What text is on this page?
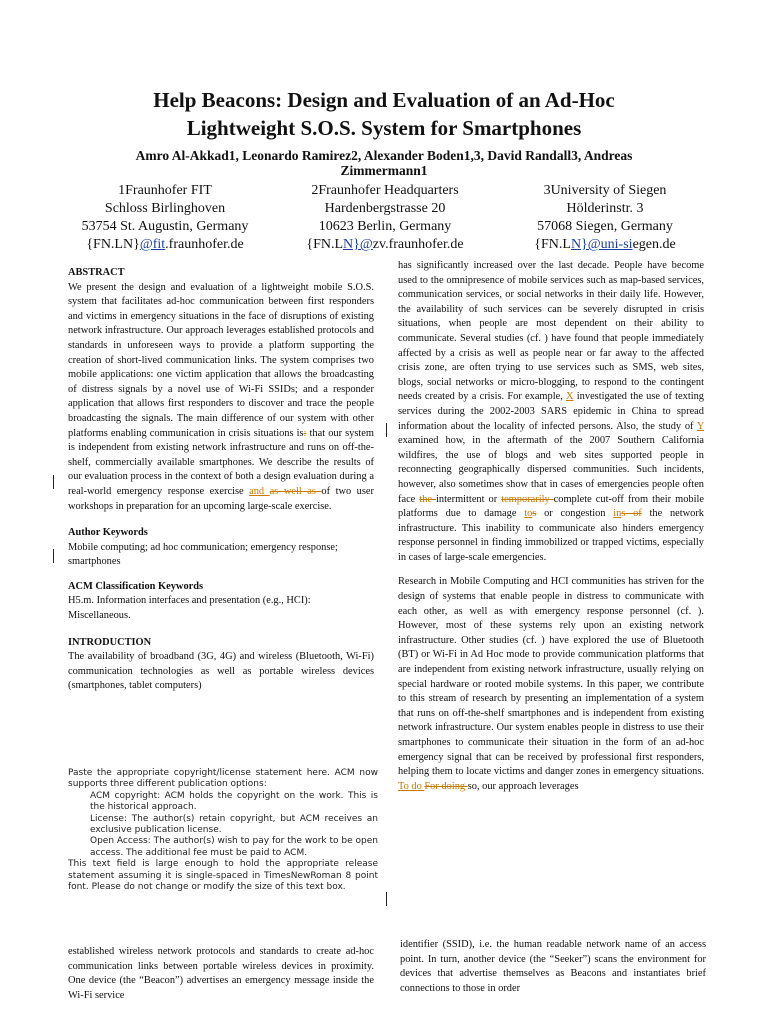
Help Beacons: Design and Evaluation of an Ad-Hoc
Lightweight S.O.S. System for Smartphones
Amro Al-Akkad1, Leonardo Ramirez2, Alexander Boden1,3, David Randall3, Andreas Zimmermann1
1Fraunhofer FIT
Schloss Birlinghoven
53754 St. Augustin, Germany
{FN.LN}@fit.fraunhofer.de
2Fraunhofer Headquarters
Hardenbergstrasse 20
10623 Berlin, Germany
{FN.LN}@zv.fraunhofer.de
3University of Siegen
Hölderinstr. 3
57068 Siegen, Germany
{FN.LN}@uni-siegen.de

ABSTRACT

We present the design and evaluation of a lightweight mobile S.O.S. system that facilitates ad-hoc communication between first responders and victims in emergency situations in the face of disruptions of existing network infrastructure. Our approach leverages established protocols and standards in unforeseen ways to provide a platform supporting the creation of short-lived communication links. The system comprises two mobile applications: one victim application that allows the broadcasting of distress signals by a novel use of Wi-Fi SSIDs; and a responder application that allows first responders to discover and trace the people broadcasting the signals. The main difference of our system with other platforms enabling communication in crisis situations is: that our system is independent from existing network infrastructure and runs on off-the-shelf, commercially available smartphones. We describe the results of our evaluation process in the context of both a design evaluation during a real-world emergency response exercise and as well as of two user workshops in preparation for an upcoming large-scale exercise.

Author Keywords

Mobile computing; ad hoc communication; emergency response; smartphones

ACM Classification Keywords

H5.m. Information interfaces and presentation (e.g., HCI): Miscellaneous.

INTRODUCTION

The availability of broadband (3G, 4G) and wireless (Bluetooth, Wi-Fi) communication technologies as well as portable wireless devices (smartphones, tablet computers)

Paste the appropriate copyright/license statement here. ACM now supports three different publication options:
ACM copyright: ACM holds the copyright on the work. This is the historical approach.
License: The author(s) retain copyright, but ACM receives an exclusive publication license.
Open Access: The author(s) wish to pay for the work to be open access. The additional fee must be paid to ACM.
This text field is large enough to hold the appropriate release statement assuming it is single-spaced in TimesNewRoman 8 point font. Please do not change or modify the size of this text box.
established wireless network protocols and standards to create ad-hoc communication links between portable wireless devices in proximity. One device (the “Beacon”) advertises an emergency message inside the Wi-Fi service

has significantly increased over the last decade. People have become used to the omnipresence of mobile services such as map-based services, communication services, or social networks in their daily life. However, the availability of such services can be severely disrupted in crisis situations, when people are most dependent on their ability to communicate. Several studies (cf. ) have found that people immediately affected by a crisis as well as people near or far away to the affected crisis zone, are often trying to use services such as SMS, web sites, blogs, social networks or micro-blogging, to respond to the contingent needs created by a crisis. For example, X investigated the use of texting services during the 2002-2003 SARS epidemic in China to spread information about the locality of infected persons. Also, the study of Y examined how, in the aftermath of the 2007 Southern California wildfires, the use of blogs and web sites supported people in reconnecting geographically dispersed communities. Such incidents, however, also sometimes show that in cases of emergencies people often face the intermittent or temporarily complete cut-off from their mobile platforms due to damage tos or congestion ins of the network infrastructure. This inability to communicate also hinders emergency response personnel in finding immobilized or trapped victims, especially in cases of large-scale emergencies.

Research in Mobile Computing and HCI communities has striven for the design of systems that enable people in distress to communicate with each other, as well as with emergency response personnel (cf. ). However, most of these systems rely upon an existing network infrastructure. Other studies (cf. ) have explored the use of Bluetooth (BT) or Wi-Fi in Ad Hoc mode to provide communication platforms that are independent from existing network infrastructure, usually relying on special hardware or rooted mobile systems. In this paper, we contribute to this stream of research by presenting an implementation of a system that runs on off-the-shelf smartphones and is independent from existing network infrastructure. Our system enables people in distress to use their smartphones to communicate their situation in the form of an ad-hoc emergency signal that can be received by professional first responders, helping them to locate victims and danger zones in emergency situations. To do For doing so, our approach leverages

identifier (SSID), i.e. the human readable network name of an access point. In turn, another device (the “Seeker”) scans the environment for devices that advertise themselves as Beacons and instantiates brief connections to those in order
